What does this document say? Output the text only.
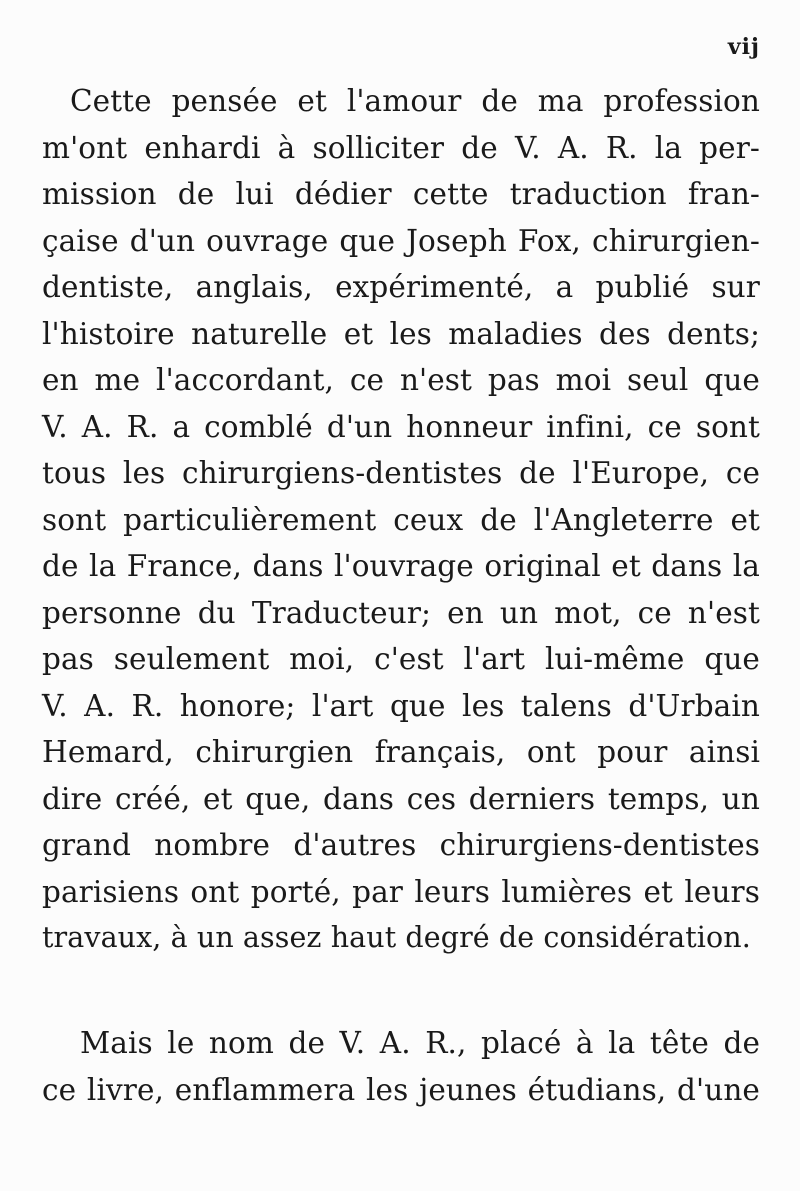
vij
Cette pensée et l'amour de ma profession
m'ont enhardi à solliciter de V. A. R. la per-
mission de lui dédier cette traduction fran-
çaise d'un ouvrage que Joseph Fox, chirurgien-
dentiste, anglais, expérimenté, a publié sur
l'histoire naturelle et les maladies des dents;
en me l'accordant, ce n'est pas moi seul que
V. A. R. a comblé d'un honneur infini, ce sont
tous les chirurgiens-dentistes de l'Europe, ce
sont particulièrement ceux de l'Angleterre et
de la France, dans l'ouvrage original et dans la
personne du Traducteur; en un mot, ce n'est
pas seulement moi, c'est l'art lui-même que
V. A. R. honore; l'art que les talens d'Urbain
Hemard, chirurgien français, ont pour ainsi
dire créé, et que, dans ces derniers temps, un
grand nombre d'autres chirurgiens-dentistes
parisiens ont porté, par leurs lumières et leurs
travaux, à un assez haut degré de considération.
Mais le nom de V. A. R., placé à la tête de
ce livre, enflammera les jeunes étudians, d'une
